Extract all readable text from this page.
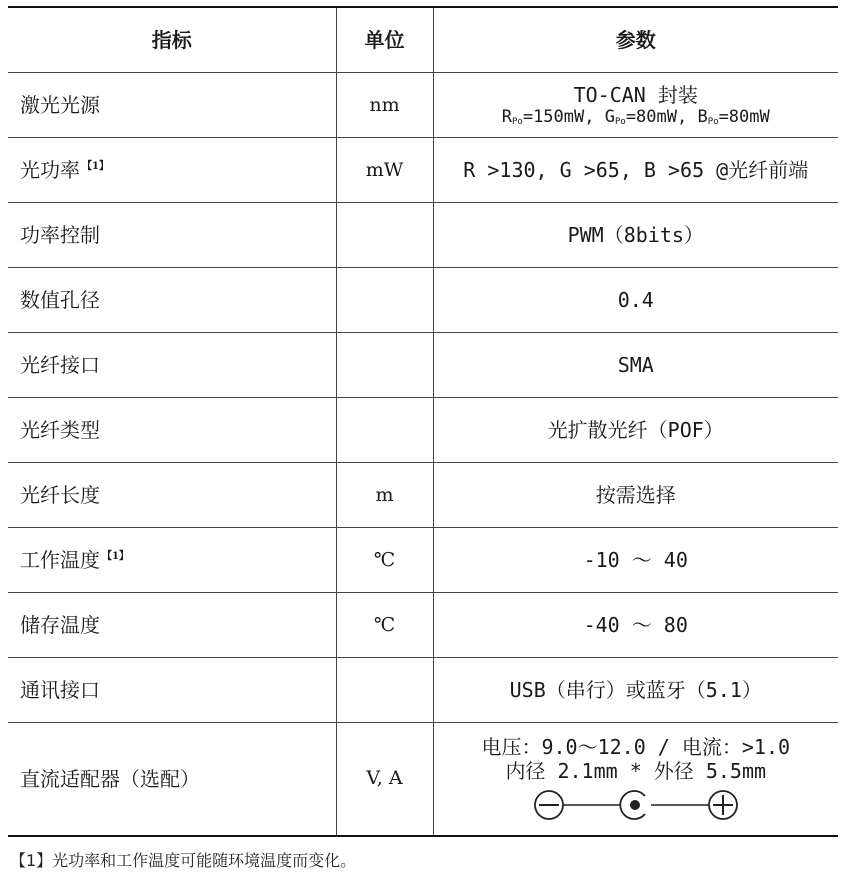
指标	单位	参数
激光光源	nm	TO-CAN 封装
$R_{Po}=150mW$, $G_{Po}=80mW$, $B_{Po}=80mW$

光功率 $^{【1】}$	mW	R >130, G >65, B >65 @光纤前端
功率控制		PWM（8bits）
数值孔径		0.4
光纤接口		SMA
光纤类型		光扩散光纤（POF）
光纤长度	m	按需选择
工作温度 $^{【1】}$	℃	-10 ～ 40
储存温度	℃	-40 ～ 80
通讯接口		USB（串行）或蓝牙（5.1）
直流适配器（选配）	V, A	电压：9.0～12.0 / 电流：>1.0
内径 2.1mm * 外径 5.5mm
【1】光功率和工作温度可能随环境温度而变化。
